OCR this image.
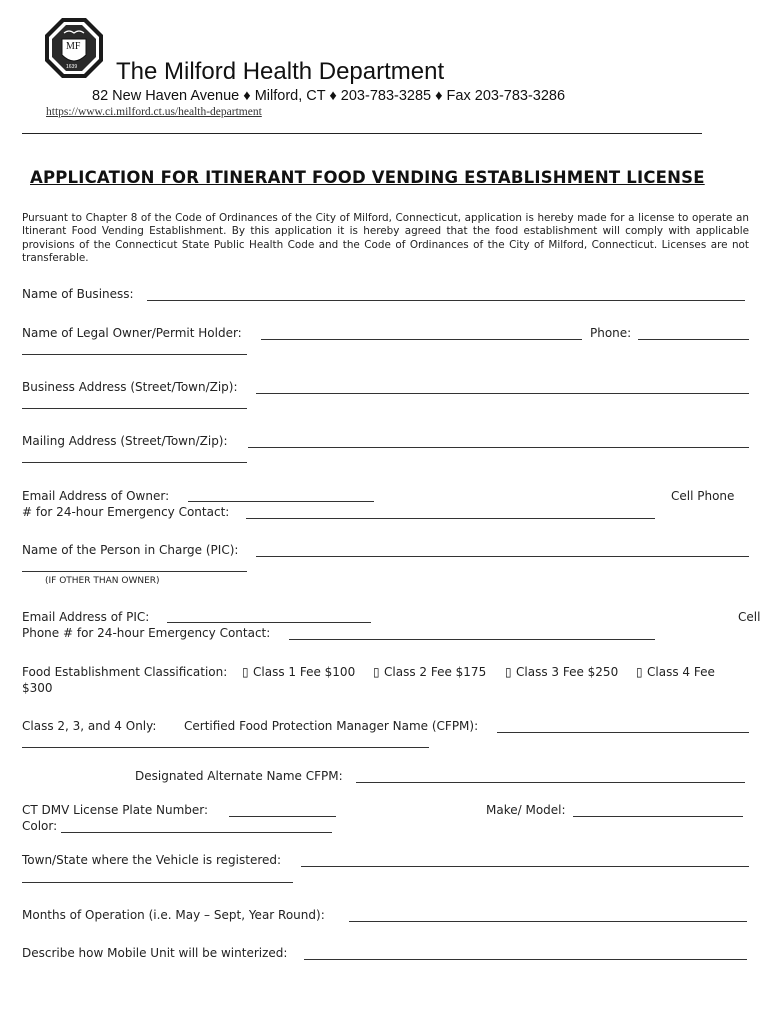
MF
1639 The Milford Health Department
82 New Haven Avenue ♦ Milford, CT ♦ 203-783-3285 ♦ Fax 203-783-3286
https://www.ci.milford.ct.us/health-department
APPLICATION FOR ITINERANT FOOD VENDING ESTABLISHMENT LICENSE
Pursuant to Chapter 8 of the Code of Ordinances of the City of Milford, Connecticut, application is hereby made for a license to operate an Itinerant Food Vending Establishment. By this application it is hereby agreed that the food establishment will comply with applicable provisions of the Connecticut State Public Health Code and the Code of Ordinances of the City of Milford, Connecticut. Licenses are not transferable.
Name of Business:
Name of Legal Owner/Permit Holder:	Phone:
Business Address (Street/Town/Zip):
Mailing Address (Street/Town/Zip):
Email Address of Owner:	Cell Phone
# for 24-hour Emergency Contact:
Name of the Person in Charge (PIC):
(IF OTHER THAN OWNER)
Email Address of PIC:	Cell
Phone # for 24-hour Emergency Contact:
Food Establishment Classification: ▯ Class 1 Fee $100 ▯ Class 2 Fee $175 ▯ Class 3 Fee $250 ▯ Class 4 Fee
$300
Class 2, 3, and 4 Only: Certified Food Protection Manager Name (CFPM):
Designated Alternate Name CFPM:
CT DMV License Plate Number:	Make/ Model:
Color:
Town/State where the Vehicle is registered:
Months of Operation (i.e. May – Sept, Year Round):
Describe how Mobile Unit will be winterized:
